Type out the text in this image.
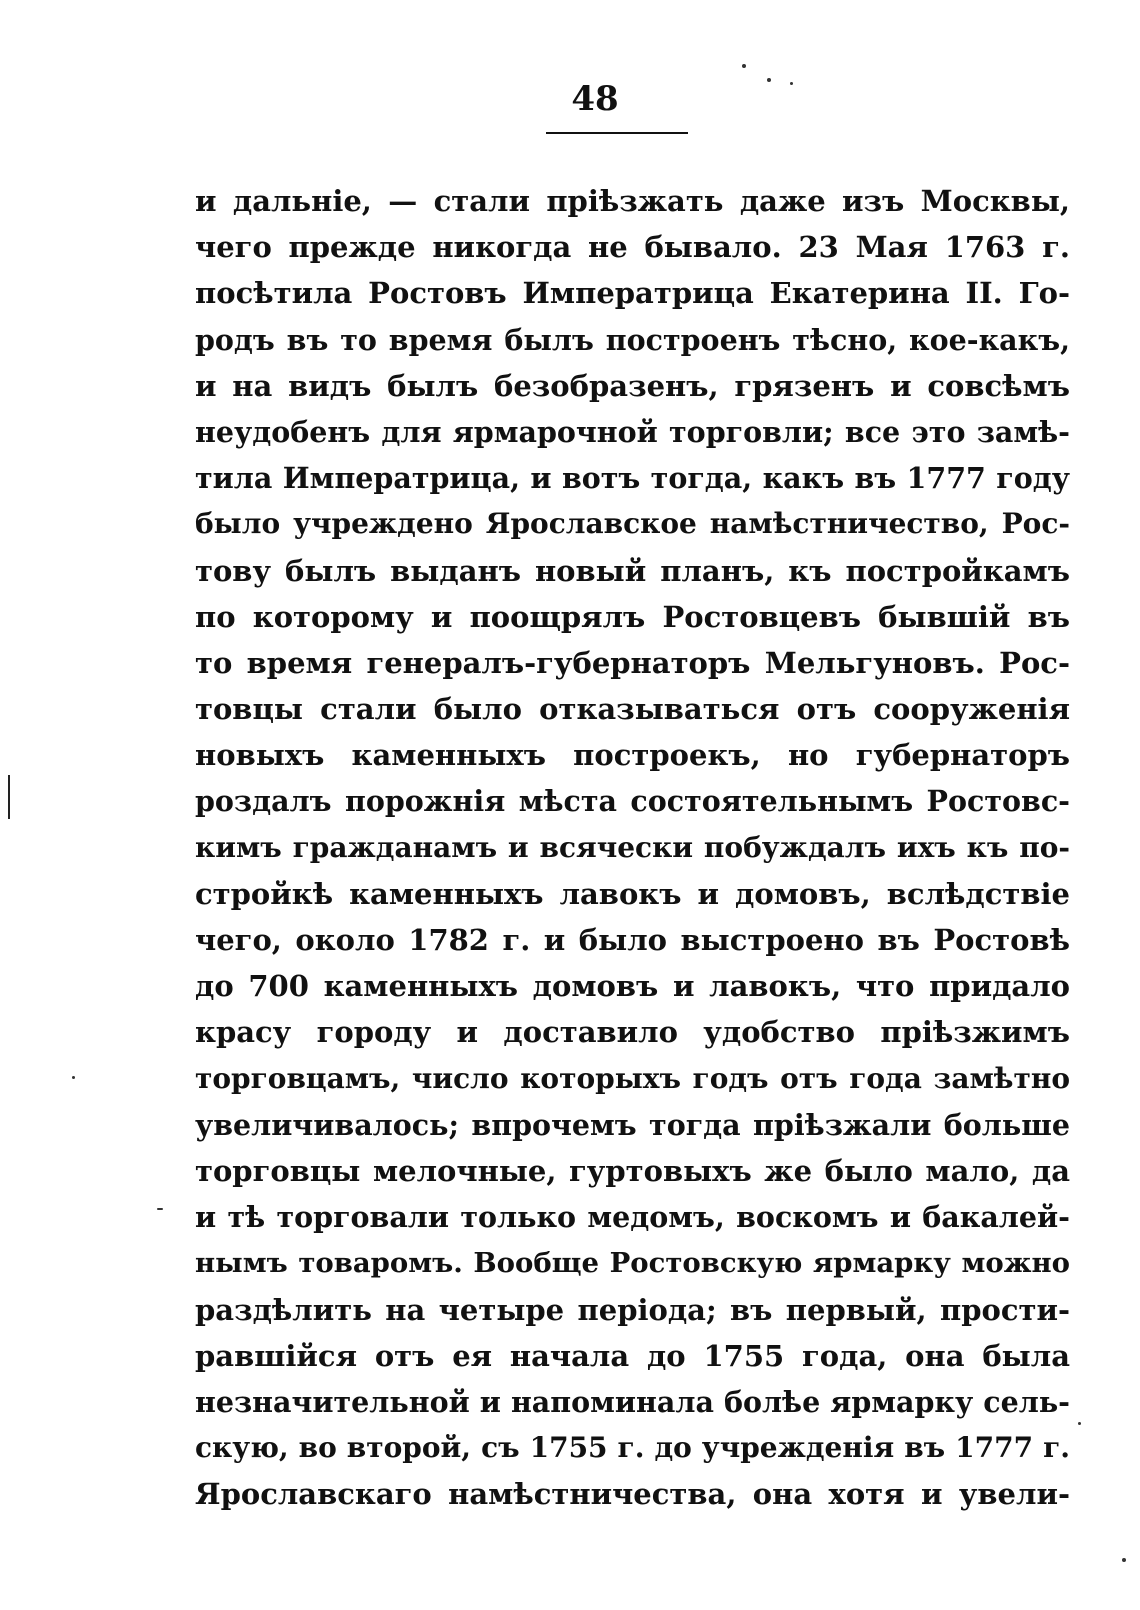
48
и дальніе, — стали пріѣзжать даже изъ Москвы,
чего прежде никогда не бывало. 23 Мая 1763 г.
посѣтила Ростовъ Императрица Екатерина II. Го-
родъ въ то время былъ построенъ тѣсно, кое-какъ,
и на видъ былъ безобразенъ, грязенъ и совсѣмъ
неудобенъ для ярмарочной торговли; все это замѣ-
тила Императрица, и вотъ тогда, какъ въ 1777 году
было учреждено Ярославское намѣстничество, Рос-
тову былъ выданъ новый планъ, къ постройкамъ
по которому и поощрялъ Ростовцевъ бывшій въ
то время генералъ-губернаторъ Мельгуновъ. Рос-
товцы стали было отказываться отъ сооруженія
новыхъ каменныхъ построекъ, но губернаторъ
роздалъ порожнія мѣста состоятельнымъ Ростовс-
кимъ гражданамъ и всячески побуждалъ ихъ къ по-
стройкѣ каменныхъ лавокъ и домовъ, вслѣдствіе
чего, около 1782 г. и было выстроено въ Ростовѣ
до 700 каменныхъ домовъ и лавокъ, что придало
красу городу и доставило удобство пріѣзжимъ
торговцамъ, число которыхъ годъ отъ года замѣтно
увеличивалось; впрочемъ тогда пріѣзжали больше
торговцы мелочные, гуртовыхъ же было мало, да
и тѣ торговали только медомъ, воскомъ и бакалей-
нымъ товаромъ. Вообще Ростовскую ярмарку можно
раздѣлить на четыре періода; въ первый, прости-
равшійся отъ ея начала до 1755 года, она была
незначительной и напоминала болѣе ярмарку сель-
скую, во второй, съ 1755 г. до учрежденія въ 1777 г.
Ярославскаго намѣстничества, она хотя и увели-
